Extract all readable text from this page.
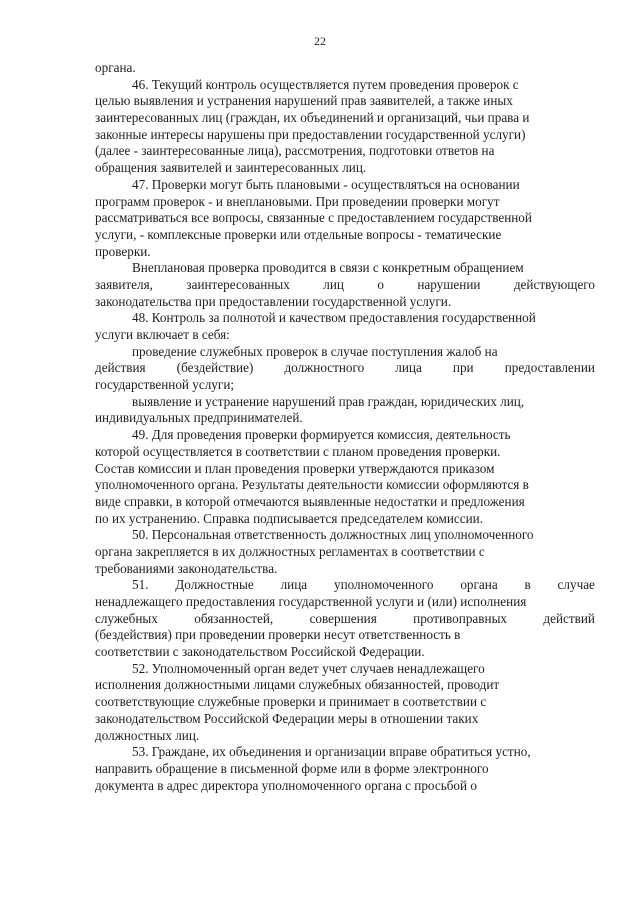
22
органа.
46. Текущий контроль осуществляется путем проведения проверок с
целью выявления и устранения нарушений прав заявителей, а также иных
заинтересованных лиц (граждан, их объединений и организаций, чьи права и
законные интересы нарушены при предоставлении государственной услуги)
(далее - заинтересованные лица), рассмотрения, подготовки ответов на
обращения заявителей и заинтересованных лиц.
47. Проверки могут быть плановыми - осуществляться на основании
программ проверок - и внеплановыми. При проведении проверки могут
рассматриваться все вопросы, связанные с предоставлением государственной
услуги, - комплексные проверки или отдельные вопросы - тематические
проверки.
Внеплановая проверка проводится в связи с конкретным обращением
заявителя,	заинтересованных	лиц	о	нарушении	действующего
законодательства при предоставлении государственной услуги.
48. Контроль за полнотой и качеством предоставления государственной
услуги включает в себя:
проведение служебных проверок в случае поступления жалоб на
действия (бездействие) должностного лица при предоставлении
государственной услуги;
выявление и устранение нарушений прав граждан, юридических лиц,
индивидуальных предпринимателей.
49. Для проведения проверки формируется комиссия, деятельность
которой осуществляется в соответствии с планом проведения проверки.
Состав комиссии и план проведения проверки утверждаются приказом
уполномоченного органа. Результаты деятельности комиссии оформляются в
виде справки, в которой отмечаются выявленные недостатки и предложения
по их устранению. Справка подписывается председателем комиссии.
50. Персональная ответственность должностных лиц уполномоченного
органа закрепляется в их должностных регламентах в соответствии с
требованиями законодательства.
51. Должностные лица уполномоченного органа в случае
ненадлежащего предоставления государственной услуги и (или) исполнения
служебных	обязанностей,	совершения	противоправных	действий
(бездействия) при проведении проверки несут ответственность в
соответствии с законодательством Российской Федерации.
52. Уполномоченный орган ведет учет случаев ненадлежащего
исполнения должностными лицами служебных обязанностей, проводит
соответствующие служебные проверки и принимает в соответствии с
законодательством Российской Федерации меры в отношении таких
должностных лиц.
53. Граждане, их объединения и организации вправе обратиться устно,
направить обращение в письменной форме или в форме электронного
документа в адрес директора уполномоченного органа с просьбой о
